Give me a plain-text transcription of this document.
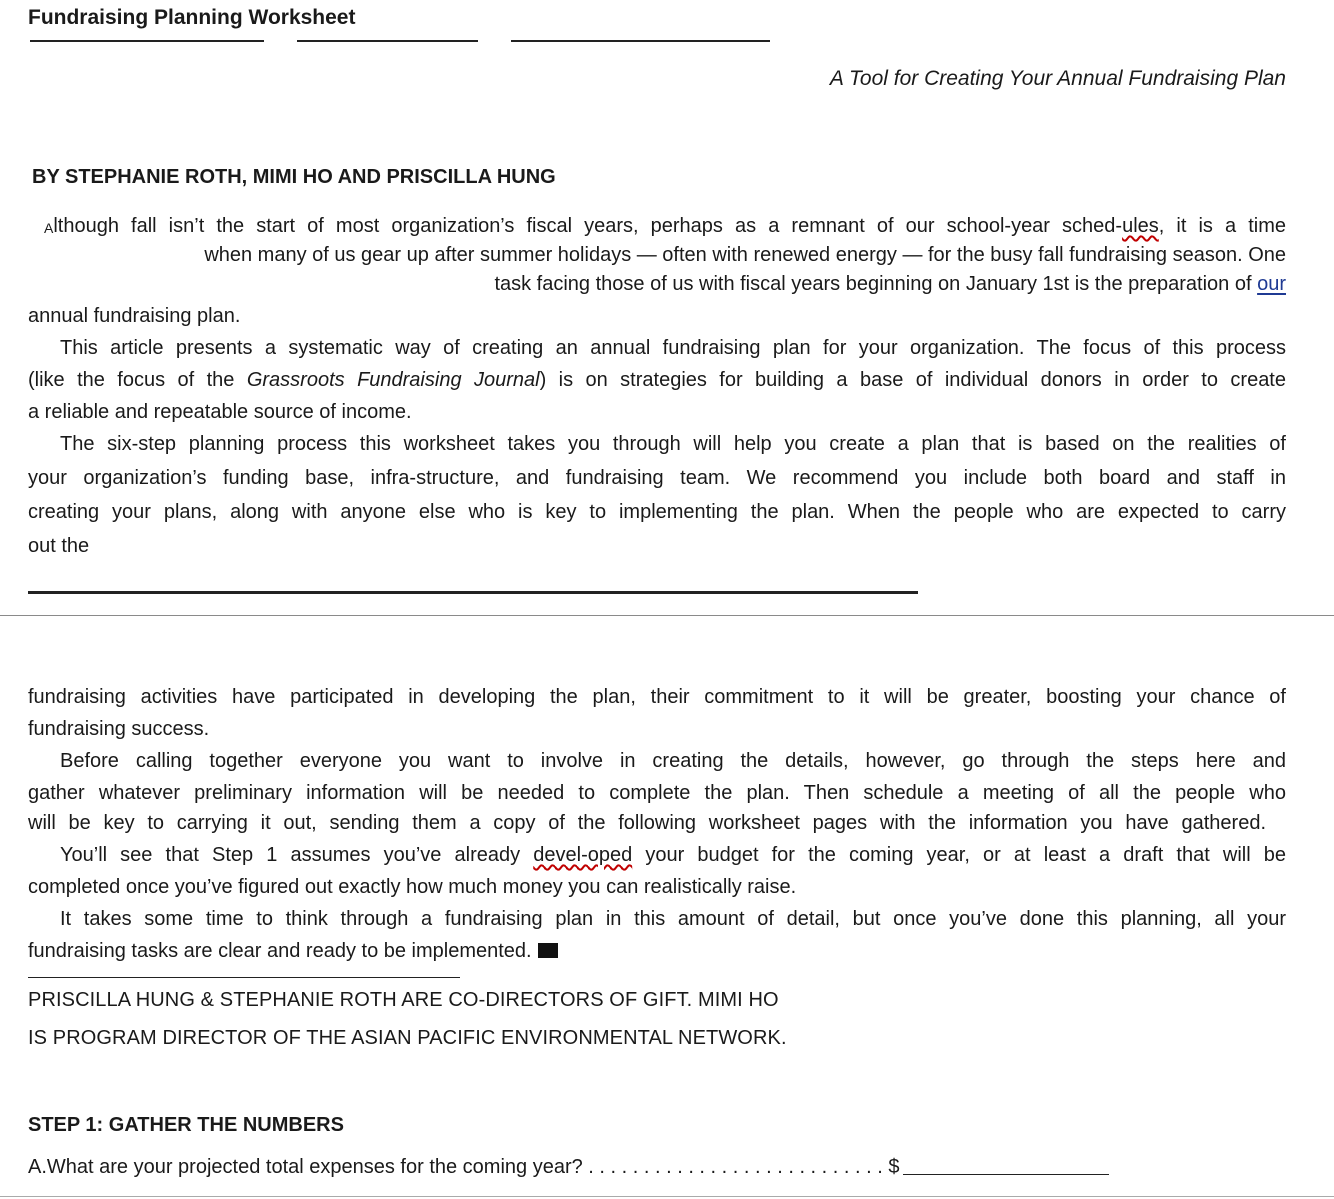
Fundraising Planning Worksheet
A Tool for Creating Your Annual Fundraising Plan
BY STEPHANIE ROTH, MIMI HO AND PRISCILLA HUNG
Although fall isn’t the start of most organization’s fiscal years, perhaps as a remnant of our school-year sched-ules, it is a time
when many of us gear up after summer holidays — often with renewed energy — for the busy fall fundraising season. One
task facing those of us with fiscal years beginning on January 1st is the preparation of our
annual fundraising plan.
This article presents a systematic way of creating an annual fundraising plan for your organization. The focus of this process
(like the focus of the Grassroots Fundraising Journal) is on strategies for building a base of individual donors in order to create
a reliable and repeatable source of income.
The six-step planning process this worksheet takes you through will help you create a plan that is based on the realities of
your organization’s funding base, infra-structure, and fundraising team. We recommend you include both board and staff in
creating your plans, along with anyone else who is key to implementing the plan. When the people who are expected to carry
out the
fundraising activities have participated in developing the plan, their commitment to it will be greater, boosting your chance of
fundraising success.
Before calling together everyone you want to involve in creating the details, however, go through the steps here and
gather whatever preliminary information will be needed to complete the plan. Then schedule a meeting of all the people who
will be key to carrying it out, sending them a copy of the following worksheet pages with the information you have gathered.
You’ll see that Step 1 assumes you’ve already devel-oped your budget for the coming year, or at least a draft that will be
completed once you’ve figured out exactly how much money you can realistically raise.
It takes some time to think through a fundraising plan in this amount of detail, but once you’ve done this planning, all your
fundraising tasks are clear and ready to be implemented.
PRISCILLA HUNG & STEPHANIE ROTH ARE CO-DIRECTORS OF GIFT. MIMI HO
IS PROGRAM DIRECTOR OF THE ASIAN PACIFIC ENVIRONMENTAL NETWORK.
STEP 1: GATHER THE NUMBERS
A.What are your projected total expenses for the coming year? . . . . . . . . . . . . . . . . . . . . . . . . . . . $
